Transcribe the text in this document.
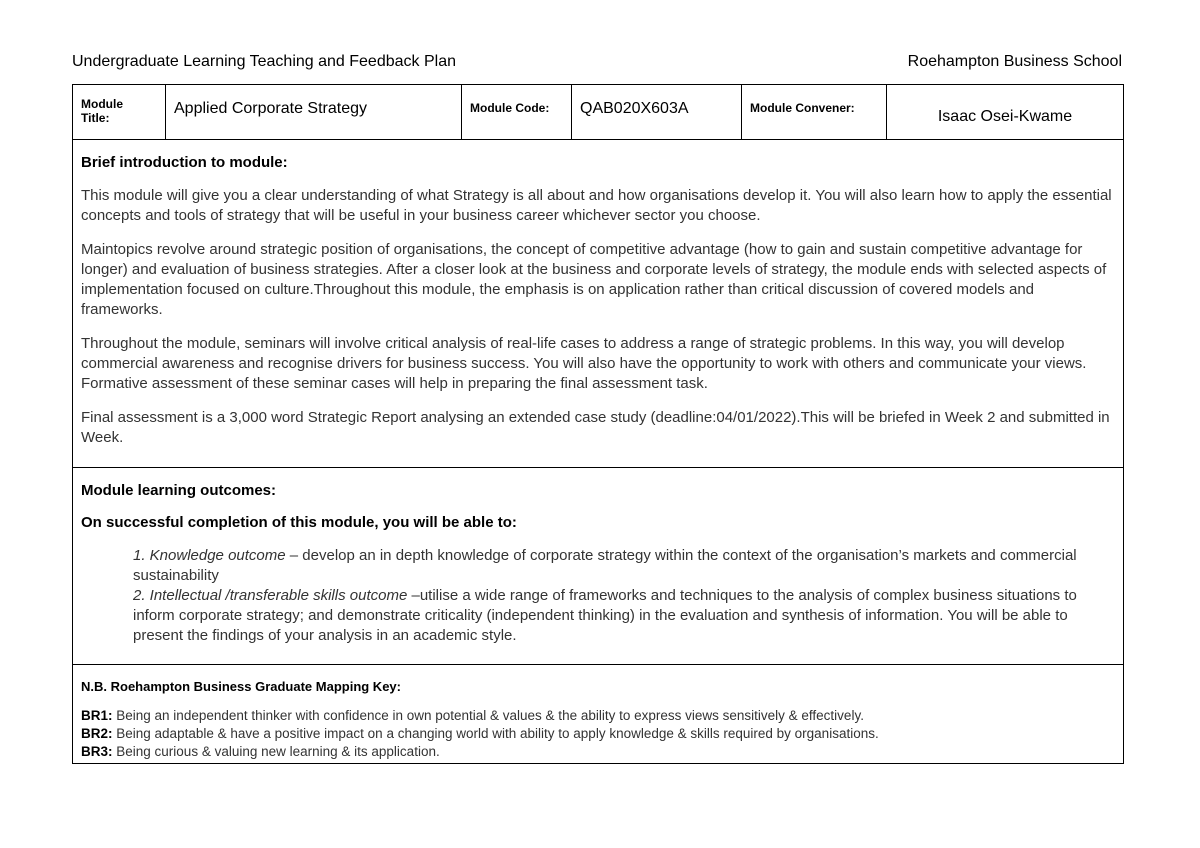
Undergraduate Learning Teaching and Feedback Plan	Roehampton Business School
Module
Title:
Applied Corporate Strategy	Module Code: QAB020X603A	Module Convener:	Isaac Osei-Kwame

Brief introduction to module:

This module will give you a clear understanding of what Strategy is all about and how organisations develop it. You will also learn how to apply the essential concepts and tools of strategy that will be useful in your business career whichever sector you choose.

Maintopics revolve around strategic position of organisations, the concept of competitive advantage (how to gain and sustain competitive advantage for longer) and evaluation of business strategies. After a closer look at the business and corporate levels of strategy, the module ends with selected aspects of implementation focused on culture.Throughout this module, the emphasis is on application rather than critical discussion of covered models and frameworks.

Throughout the module, seminars will involve critical analysis of real-life cases to address a range of strategic problems. In this way, you will develop commercial awareness and recognise drivers for business success. You will also have the opportunity to work with others and communicate your views. Formative assessment of these seminar cases will help in preparing the final assessment task.

Final assessment is a 3,000 word Strategic Report analysing an extended case study (deadline:04/01/2022).This will be briefed in Week 2 and submitted in Week.

Module learning outcomes:

On successful completion of this module, you will be able to:

1. Knowledge outcome – develop an in depth knowledge of corporate strategy within the context of the organisation’s markets and commercial sustainability
2. Intellectual /transferable skills outcome –utilise a wide range of frameworks and techniques to the analysis of complex business situations to inform corporate strategy; and demonstrate criticality (independent thinking) in the evaluation and synthesis of information. You will be able to present the findings of your analysis in an academic style.

N.B. Roehampton Business Graduate Mapping Key:

BR1: Being an independent thinker with confidence in own potential & values & the ability to express views sensitively & effectively.
BR2: Being adaptable & have a positive impact on a changing world with ability to apply knowledge & skills required by organisations.
BR3: Being curious & valuing new learning & its application.
